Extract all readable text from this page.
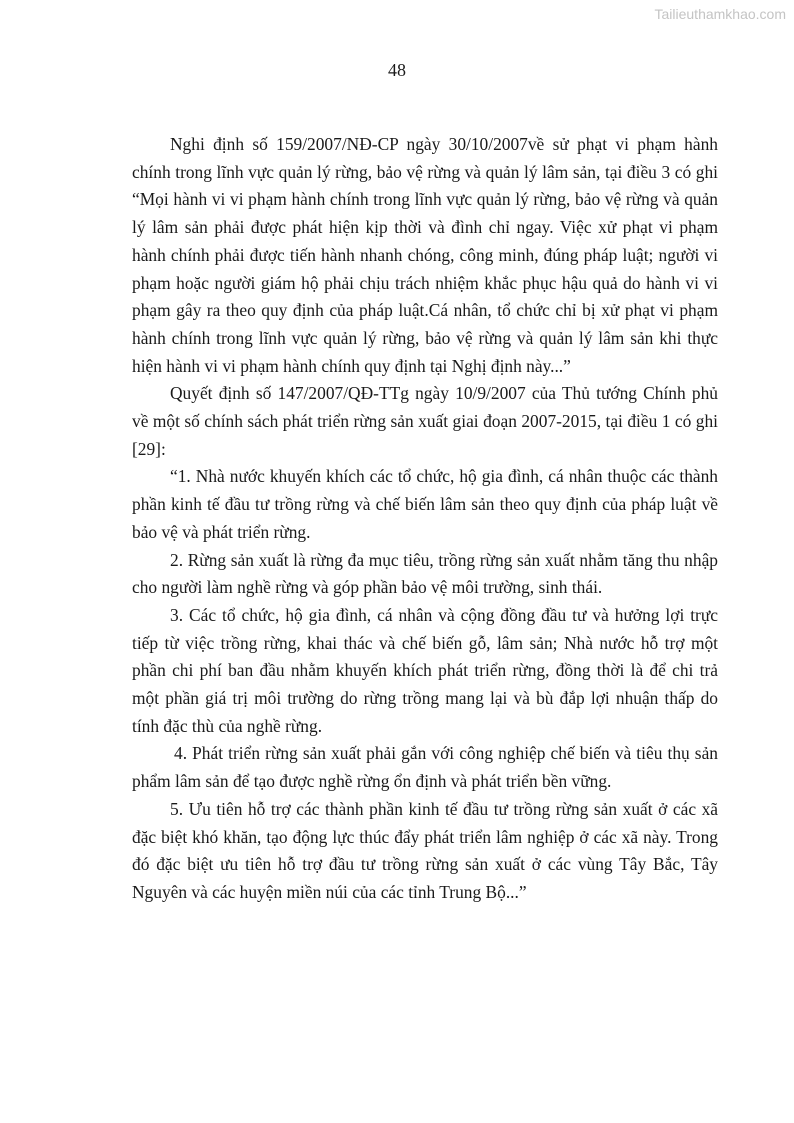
Tailieuthamkhao.com
48

Nghi định số 159/2007/NĐ-CP ngày 30/10/2007về sử phạt vi phạm hành chính trong lĩnh vực quản lý rừng, bảo vệ rừng và quản lý lâm sản, tại điều 3 có ghi “Mọi hành vi vi phạm hành chính trong lĩnh vực quản lý rừng, bảo vệ rừng và quản lý lâm sản phải được phát hiện kịp thời và đình chỉ ngay. Việc xử phạt vi phạm hành chính phải được tiến hành nhanh chóng, công minh, đúng pháp luật; người vi phạm hoặc người giám hộ phải chịu trách nhiệm khắc phục hậu quả do hành vi vi phạm gây ra theo quy định của pháp luật.Cá nhân, tổ chức chỉ bị xử phạt vi phạm hành chính trong lĩnh vực quản lý rừng, bảo vệ rừng và quản lý lâm sản khi thực hiện hành vi vi phạm hành chính quy định tại Nghị định này...”

Quyết định số 147/2007/QĐ-TTg ngày 10/9/2007 của Thủ tướng Chính phủ về một số chính sách phát triển rừng sản xuất giai đoạn 2007-2015, tại điều 1 có ghi [29]:

“1. Nhà nước khuyến khích các tổ chức, hộ gia đình, cá nhân thuộc các thành phần kinh tế đầu tư trồng rừng và chế biến lâm sản theo quy định của pháp luật về bảo vệ và phát triển rừng.

2. Rừng sản xuất là rừng đa mục tiêu, trồng rừng sản xuất nhằm tăng thu nhập cho người làm nghề rừng và góp phần bảo vệ môi trường, sinh thái.

3. Các tổ chức, hộ gia đình, cá nhân và cộng đồng đầu tư và hưởng lợi trực tiếp từ việc trồng rừng, khai thác và chế biến gỗ, lâm sản; Nhà nước hỗ trợ một phần chi phí ban đầu nhằm khuyến khích phát triển rừng, đồng thời là để chi trả một phần giá trị môi trường do rừng trồng mang lại và bù đắp lợi nhuận thấp do tính đặc thù của nghề rừng.

4. Phát triển rừng sản xuất phải gắn với công nghiệp chế biến và tiêu thụ sản phẩm lâm sản để tạo được nghề rừng ổn định và phát triển bền vững.

5. Ưu tiên hỗ trợ các thành phần kinh tế đầu tư trồng rừng sản xuất ở các xã đặc biệt khó khăn, tạo động lực thúc đẩy phát triển lâm nghiệp ở các xã này. Trong đó đặc biệt ưu tiên hỗ trợ đầu tư trồng rừng sản xuất ở các vùng Tây Bắc, Tây Nguyên và các huyện miền núi của các tỉnh Trung Bộ...”
